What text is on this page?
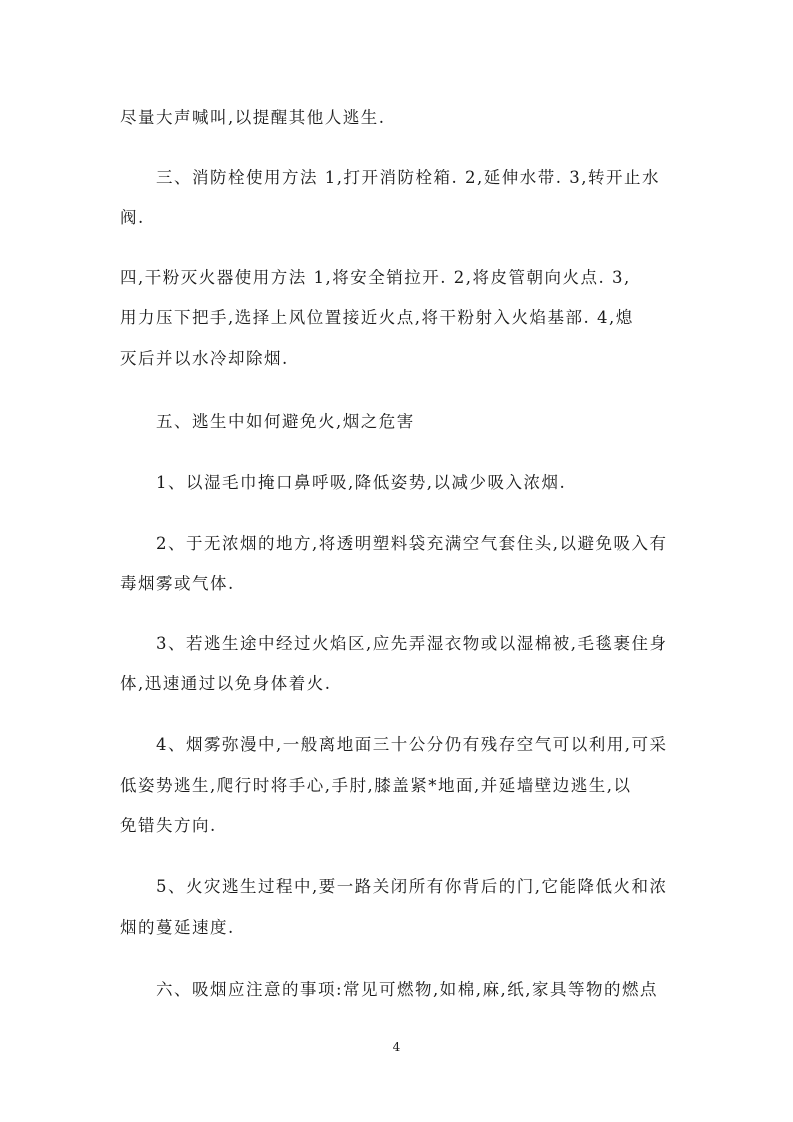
尽量大声喊叫,以提醒其他人逃生.
　　三、消防栓使用方法 1,打开消防栓箱. 2,延伸水带. 3,转开止水
阀.
四,干粉灭火器使用方法 1,将安全销拉开. 2,将皮管朝向火点. 3,
用力压下把手,选择上风位置接近火点,将干粉射入火焰基部. 4,熄
灭后并以水冷却除烟.
　　五、逃生中如何避免火,烟之危害
　　1、以湿毛巾掩口鼻呼吸,降低姿势,以减少吸入浓烟.
　　2、于无浓烟的地方,将透明塑料袋充满空气套住头,以避免吸入有
毒烟雾或气体.
　　3、若逃生途中经过火焰区,应先弄湿衣物或以湿棉被,毛毯裹住身
体,迅速通过以免身体着火.
　　4、烟雾弥漫中,一般离地面三十公分仍有残存空气可以利用,可采
低姿势逃生,爬行时将手心,手肘,膝盖紧*地面,并延墙壁边逃生,以
免错失方向.
　　5、火灾逃生过程中,要一路关闭所有你背后的门,它能降低火和浓
烟的蔓延速度.
　　六、吸烟应注意的事项:常见可燃物,如棉,麻,纸,家具等物的燃点
4
